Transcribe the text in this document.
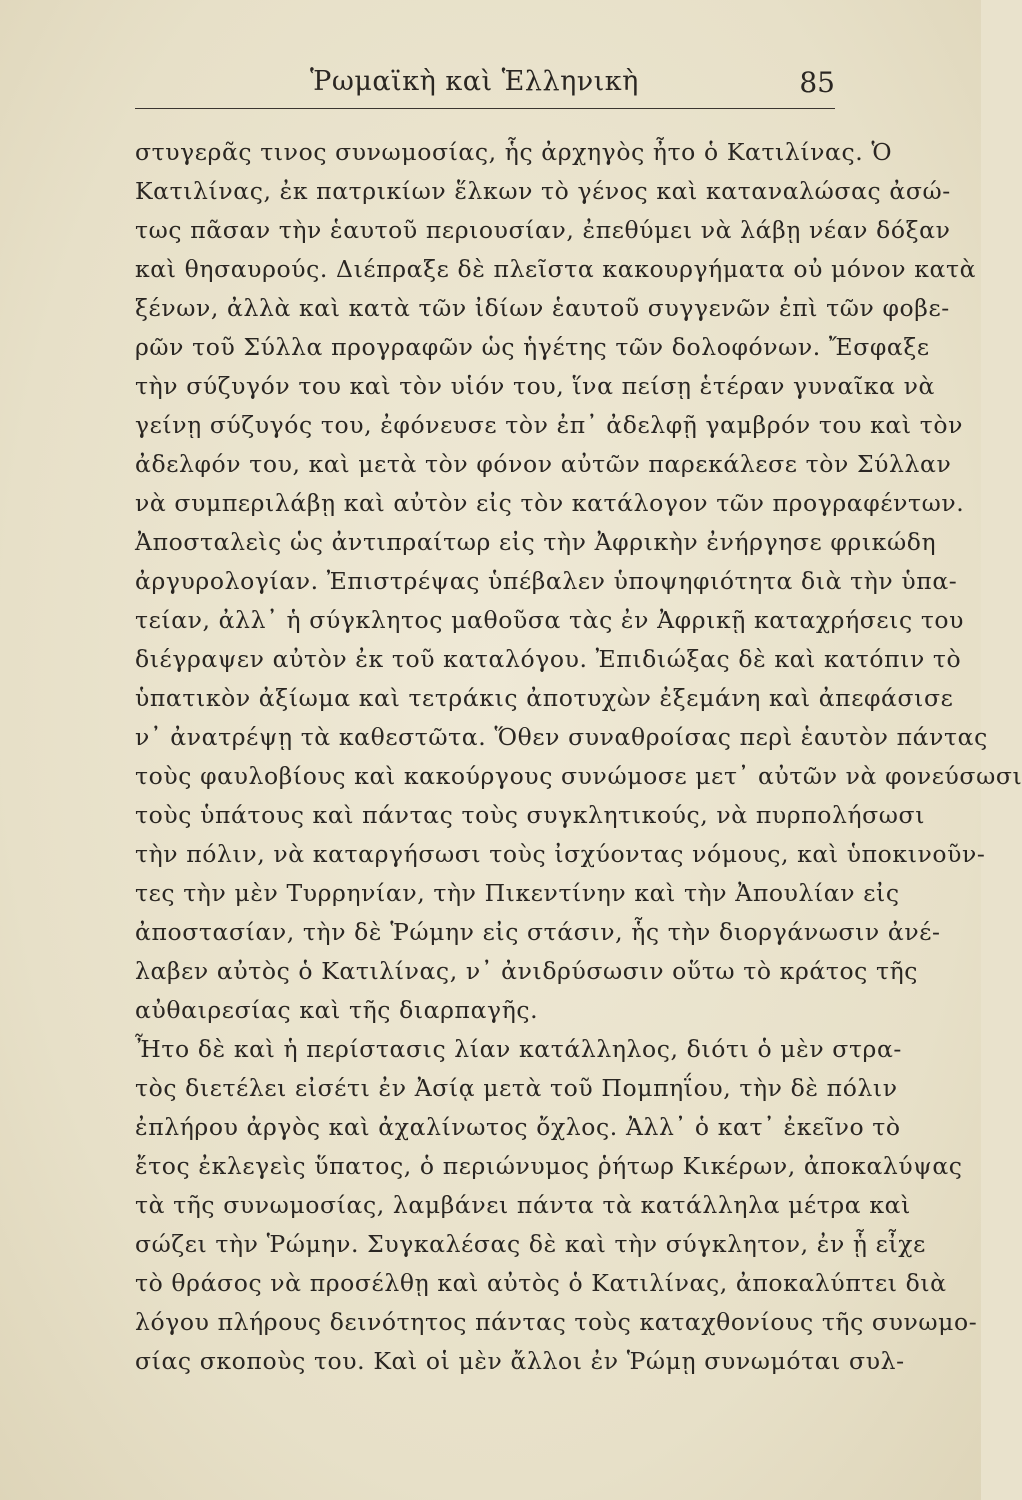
Ῥωμαϊκὴ καὶ Ἑλληνικὴ	85
στυγερᾶς τινος συνωμοσίας, ἧς ἀρχηγὸς ἦτο ὁ Κατιλίνας. Ὁ
Κατιλίνας, ἐκ πατρικίων ἕλκων τὸ γένος καὶ καταναλώσας ἀσώ-
τως πᾶσαν τὴν ἑαυτοῦ περιουσίαν, ἐπεθύμει νὰ λάβῃ νέαν δόξαν
καὶ θησαυρούς. Διέπραξε δὲ πλεῖστα κακουργήματα οὐ μόνον κατὰ
ξένων, ἀλλὰ καὶ κατὰ τῶν ἰδίων ἑαυτοῦ συγγενῶν ἐπὶ τῶν φοβε-
ρῶν τοῦ Σύλλα προγραφῶν ὡς ἡγέτης τῶν δολοφόνων. Ἔσφαξε
τὴν σύζυγόν του καὶ τὸν υἱόν του, ἵνα πείσῃ ἑτέραν γυναῖκα νὰ
γείνῃ σύζυγός του, ἐφόνευσε τὸν ἐπ᾿ ἀδελφῇ γαμβρόν του καὶ τὸν
ἀδελφόν του, καὶ μετὰ τὸν φόνον αὐτῶν παρεκάλεσε τὸν Σύλλαν
νὰ συμπεριλάβῃ καὶ αὐτὸν εἰς τὸν κατάλογον τῶν προγραφέντων.
Ἀποσταλεὶς ὡς ἀντιπραίτωρ εἰς τὴν Ἀφρικὴν ἐνήργησε φρικώδη
ἀργυρολογίαν. Ἐπιστρέψας ὑπέβαλεν ὑποψηφιότητα διὰ τὴν ὑπα-
τείαν, ἀλλ᾿ ἡ σύγκλητος μαθοῦσα τὰς ἐν Ἀφρικῇ καταχρήσεις του
διέγραψεν αὐτὸν ἐκ τοῦ καταλόγου. Ἐπιδιώξας δὲ καὶ κατόπιν τὸ
ὑπατικὸν ἀξίωμα καὶ τετράκις ἀποτυχὼν ἐξεμάνη καὶ ἀπεφάσισε
ν᾿ ἀνατρέψῃ τὰ καθεστῶτα. Ὅθεν συναθροίσας περὶ ἑαυτὸν πάντας
τοὺς φαυλοβίους καὶ κακούργους συνώμοσε μετ᾿ αὐτῶν νὰ φονεύσωσι
τοὺς ὑπάτους καὶ πάντας τοὺς συγκλητικούς, νὰ πυρπολήσωσι
τὴν πόλιν, νὰ καταργήσωσι τοὺς ἰσχύοντας νόμους, καὶ ὑποκινοῦν-
τες τὴν μὲν Τυρρηνίαν, τὴν Πικεντίνην καὶ τὴν Ἀπουλίαν εἰς
ἀποστασίαν, τὴν δὲ Ῥώμην εἰς στάσιν, ἧς τὴν διοργάνωσιν ἀνέ-
λαβεν αὐτὸς ὁ Κατιλίνας, ν᾿ ἀνιδρύσωσιν οὕτω τὸ κράτος τῆς
αὐθαιρεσίας καὶ τῆς διαρπαγῆς.
Ἦτο δὲ καὶ ἡ περίστασις λίαν κατάλληλος, διότι ὁ μὲν στρα-
τὸς διετέλει εἰσέτι ἐν Ἀσίᾳ μετὰ τοῦ Πομπηΐου, τὴν δὲ πόλιν
ἐπλήρου ἀργὸς καὶ ἀχαλίνωτος ὄχλος. Ἀλλ᾿ ὁ κατ᾿ ἐκεῖνο τὸ
ἔτος ἐκλεγεὶς ὕπατος, ὁ περιώνυμος ῥήτωρ Κικέρων, ἀποκαλύψας
τὰ τῆς συνωμοσίας, λαμβάνει πάντα τὰ κατάλληλα μέτρα καὶ
σώζει τὴν Ῥώμην. Συγκαλέσας δὲ καὶ τὴν σύγκλητον, ἐν ᾗ εἶχε
τὸ θράσος νὰ προσέλθῃ καὶ αὐτὸς ὁ Κατιλίνας, ἀποκαλύπτει διὰ
λόγου πλήρους δεινότητος πάντας τοὺς καταχθονίους τῆς συνωμο-
σίας σκοποὺς του. Καὶ οἱ μὲν ἄλλοι ἐν Ῥώμῃ συνωμόται συλ-
